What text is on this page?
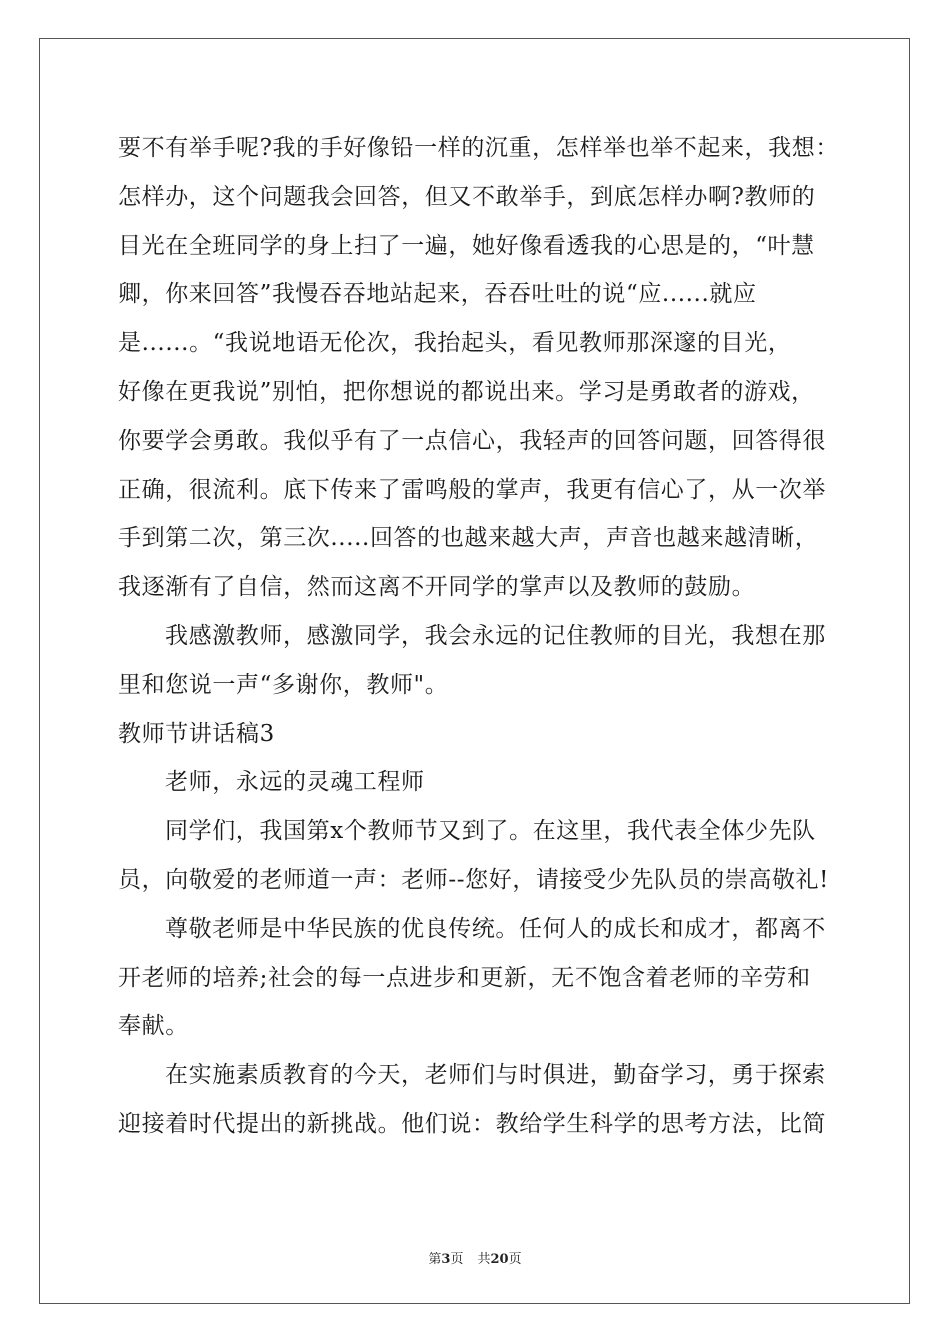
要不有举手呢?我的手好像铅一样的沉重，怎样举也举不起来，我想：
怎样办，这个问题我会回答，但又不敢举手，到底怎样办啊?教师的
目光在全班同学的身上扫了一遍，她好像看透我的心思是的，“叶慧
卿，你来回答”我慢吞吞地站起来，吞吞吐吐的说“应......就应
是......。“我说地语无伦次，我抬起头，看见教师那深邃的目光，
好像在更我说”别怕，把你想说的都说出来。学习是勇敢者的游戏，
你要学会勇敢。我似乎有了一点信心，我轻声的回答问题，回答得很
正确，很流利。底下传来了雷鸣般的掌声，我更有信心了，从一次举
手到第二次，第三次.....回答的也越来越大声，声音也越来越清晰，
我逐渐有了自信，然而这离不开同学的掌声以及教师的鼓励。
我感激教师，感激同学，我会永远的记住教师的目光，我想在那
里和您说一声“多谢你，教师"。
教师节讲话稿3
老师，永远的灵魂工程师
同学们，我国第x个教师节又到了。在这里，我代表全体少先队
员，向敬爱的老师道一声：老师--您好，请接受少先队员的崇高敬礼!
尊敬老师是中华民族的优良传统。任何人的成长和成才，都离不
开老师的培养;社会的每一点进步和更新，无不饱含着老师的辛劳和
奉献。
在实施素质教育的今天，老师们与时俱进，勤奋学习，勇于探索
迎接着时代提出的新挑战。他们说：教给学生科学的思考方法，比简
第3页 共20页
